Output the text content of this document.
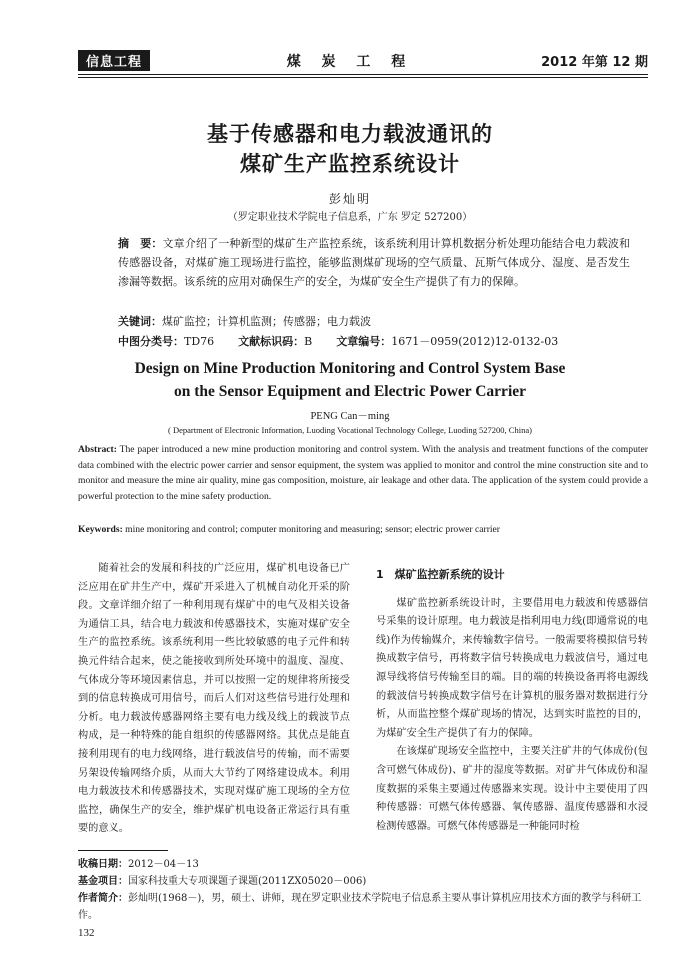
信息工程	煤 炭 工 程	2012 年第 12 期
基于传感器和电力载波通讯的
煤矿生产监控系统设计
彭灿明
（罗定职业技术学院电子信息系，广东 罗定 527200）
摘　要：文章介绍了一种新型的煤矿生产监控系统，该系统利用计算机数据分析处理功能结合电力载波和传感器设备，对煤矿施工现场进行监控，能够监测煤矿现场的空气质量、瓦斯气体成分、湿度、是否发生渗漏等数据。该系统的应用对确保生产的安全，为煤矿安全生产提供了有力的保障。
关键词：煤矿监控；计算机监测；传感器；电力载波
中图分类号：TD76 文献标识码：B 文章编号：1671－0959(2012)12-0132-03
Design on Mine Production Monitoring and Control System Base
on the Sensor Equipment and Electric Power Carrier
PENG Can－ming
( Department of Electronic Information, Luoding Vocational Technology College, Luoding 527200, China)
Abstract: The paper introduced a new mine production monitoring and control system. With the analysis and treatment functions of the computer data combined with the electric power carrier and sensor equipment, the system was applied to monitor and control the mine construction site and to monitor and measure the mine air quality, mine gas composition, moisture, air leakage and other data. The application of the system could provide a powerful protection to the mine safety production.
Keywords: mine monitoring and control; computer monitoring and measuring; sensor; electric prower carrier

随着社会的发展和科技的广泛应用，煤矿机电设备已广泛应用在矿井生产中，煤矿开采进入了机械自动化开采的阶段。文章详细介绍了一种利用现有煤矿中的电气及相关设备为通信工具，结合电力载波和传感器技术，实施对煤矿安全生产的监控系统。该系统利用一些比较敏感的电子元件和转换元件结合起来，使之能接收到所处环境中的温度、湿度、气体成分等环境因素信息，并可以按照一定的规律将所接受到的信息转换成可用信号，而后人们对这些信号进行处理和分析。电力载波传感器网络主要有电力线及线上的载波节点构成，是一种特殊的能自组织的传感器网络。其优点是能直接利用现有的电力线网络，进行载波信号的传输，而不需要另架设传输网络介质，从而大大节约了网络建设成本。利用电力载波技术和传感器技术，实现对煤矿施工现场的全方位监控，确保生产的安全，维护煤矿机电设备正常运行具有重要的意义。

1　煤矿监控新系统的设计

煤矿监控新系统设计时，主要借用电力载波和传感器信号采集的设计原理。电力载波是指利用电力线(即通常说的电线)作为传输媒介，来传输数字信号。一般需要将模拟信号转换成数字信号，再将数字信号转换成电力载波信号，通过电源导线将信号传输至目的端。目的端的转换设备再将电源线的载波信号转换成数字信号在计算机的服务器对数据进行分析，从而监控整个煤矿现场的情况，达到实时监控的目的，为煤矿安全生产提供了有力的保障。

在该煤矿现场安全监控中，主要关注矿井的气体成份(包含可燃气体成份)、矿井的湿度等数据。对矿井气体成份和湿度数据的采集主要通过传感器来实现。设计中主要使用了四种传感器：可燃气体传感器、氧传感器、温度传感器和水浸检测传感器。可燃气体传感器是一种能同时检

收稿日期：2012－04－13
基金项目：国家科技重大专项课题子课题(2011ZX05020－006)
作者简介：彭灿明(1968－)，男，硕士、讲师，现在罗定职业技术学院电子信息系主要从事计算机应用技术方面的教学与科研工作。
132
